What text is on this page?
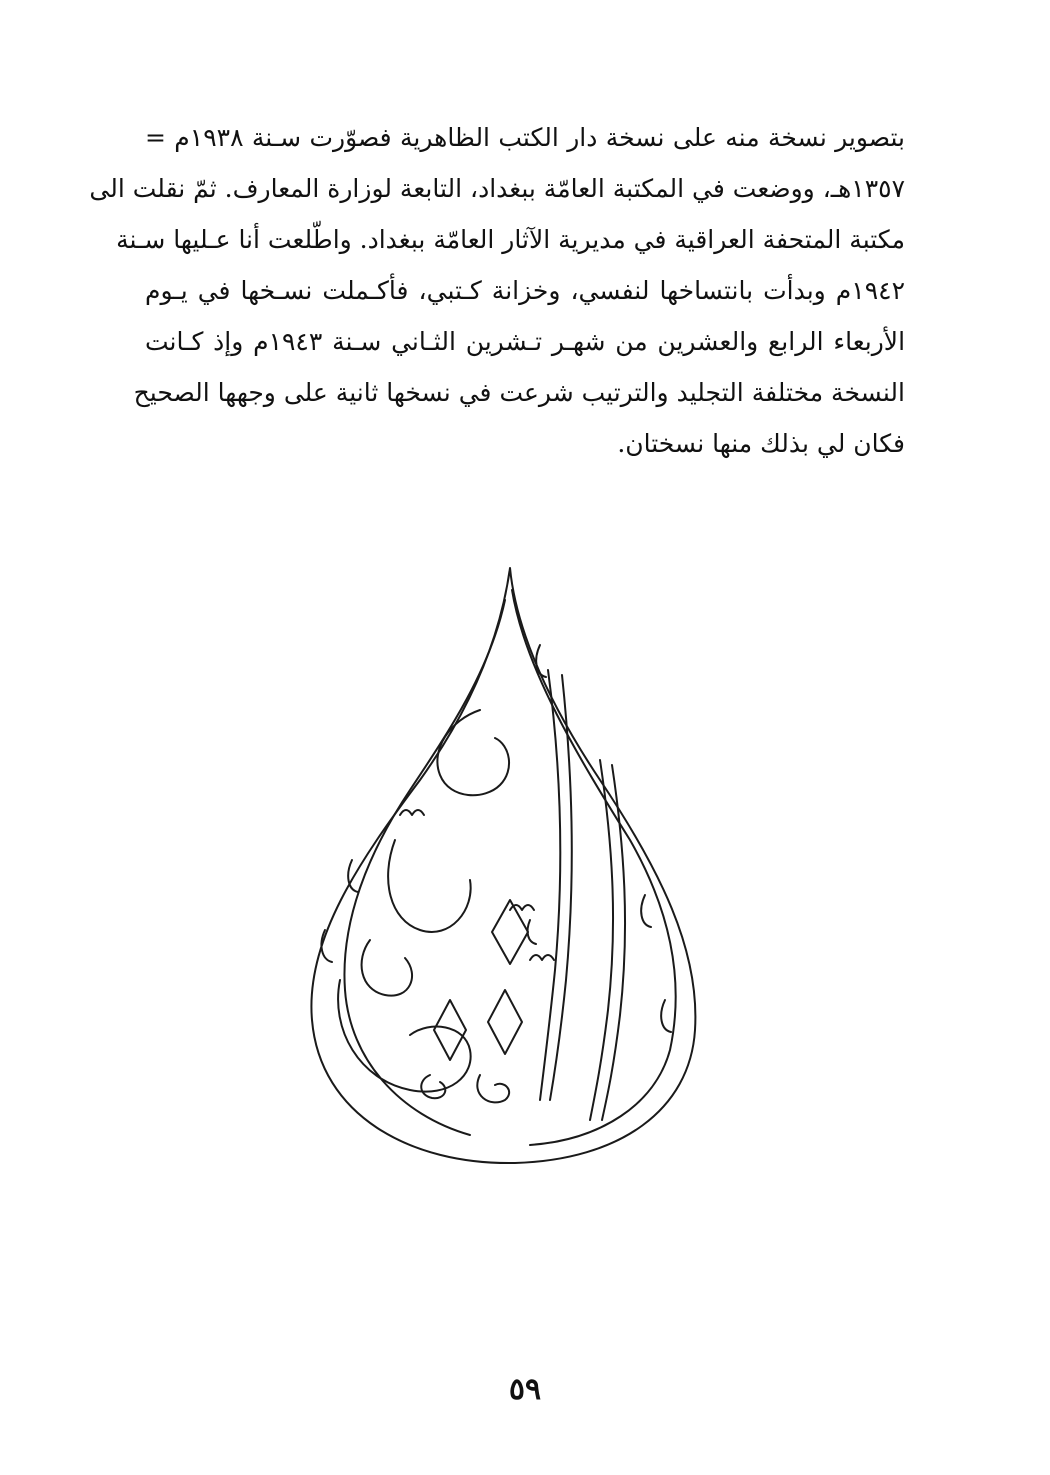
بتصوير نسخة منه على نسخة دار الكتب الظاهرية فصوّرت سـنة ١٩٣٨م =
١٣٥٧هـ، ووضعت في المكتبة العامّة ببغداد، التابعة لوزارة المعارف. ثمّ نقلت الى
مكتبة المتحفة العراقية في مديرية الآثار العامّة ببغداد. واطّلعت أنا عـليها سـنة
١٩٤٢م وبدأت بانتساخها لنفسي، وخزانة كـتبي، فأكـملت نسـخها في يـوم
الأربعاء الرابع والعشرين من شهـر تـشرين الثـاني سـنة ١٩٤٣م وإذ كـانت
النسخة مختلفة التجليد والترتيب شرعت في نسخها ثانية على وجهها الصحيح
فكان لي بذلك منها نسختان.
٥٩
